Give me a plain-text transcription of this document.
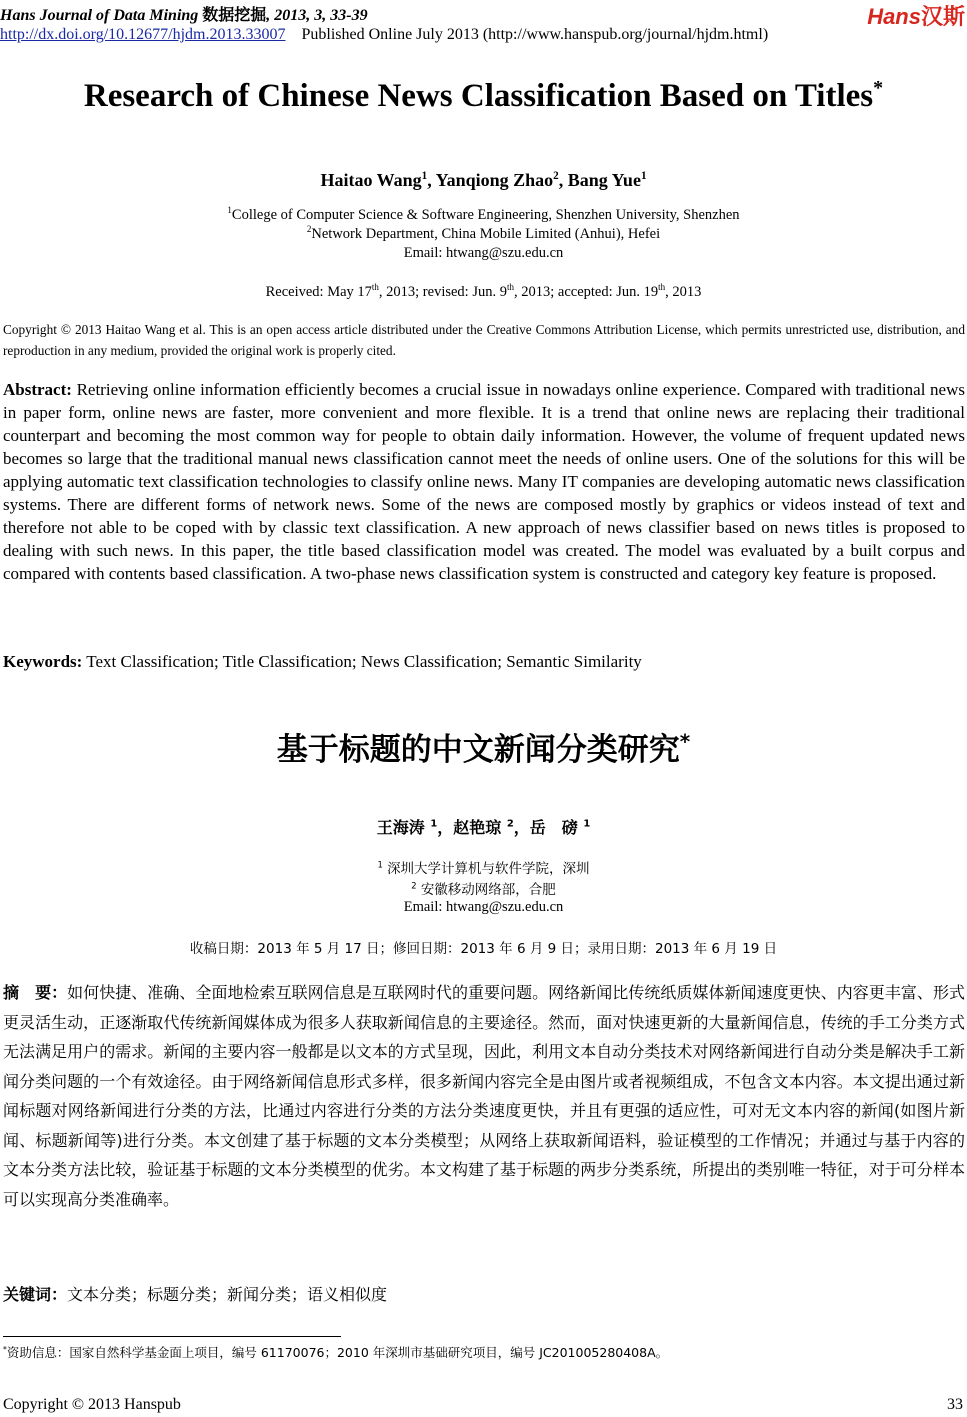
Hans Journal of Data Mining 数据挖掘, 2013, 3, 33-39	Hans汉斯
http://dx.doi.org/10.12677/hjdm.2013.33007 Published Online July 2013 (http://www.hanspub.org/journal/hjdm.html)
Research of Chinese News Classification Based on Titles*
Haitao Wang$^1$, Yanqiong Zhao$^2$, Bang Yue$^1$
$^1$College of Computer Science & Software Engineering, Shenzhen University, Shenzhen
$^2$Network Department, China Mobile Limited (Anhui), Hefei
Email: htwang@szu.edu.cn
Received: May 17th, 2013; revised: Jun. 9th, 2013; accepted: Jun. 19th, 2013
Copyright © 2013 Haitao Wang et al. This is an open access article distributed under the Creative Commons Attribution License, which permits unrestricted use, distribution, and reproduction in any medium, provided the original work is properly cited.
Abstract: Retrieving online information efficiently becomes a crucial issue in nowadays online experience. Compared with traditional news in paper form, online news are faster, more convenient and more flexible. It is a trend that online news are replacing their traditional counterpart and becoming the most common way for people to obtain daily information. However, the volume of frequent updated news becomes so large that the traditional manual news classification cannot meet the needs of online users. One of the solutions for this will be applying automatic text classification technologies to classify online news. Many IT companies are developing automatic news classification systems. There are different forms of network news. Some of the news are composed mostly by graphics or videos instead of text and therefore not able to be coped with by classic text classification. A new approach of news classifier based on news titles is proposed to dealing with such news. In this paper, the title based classification model was created. The model was evaluated by a built corpus and compared with contents based classification. A two-phase news classification system is constructed and category key feature is proposed.
Keywords: Text Classification; Title Classification; News Classification; Semantic Similarity
基于标题的中文新闻分类研究*
王海涛 $^1$，赵艳琼 $^2$，岳　磅 $^1$
$^1$ 深圳大学计算机与软件学院，深圳
$^2$ 安徽移动网络部，合肥
Email: htwang@szu.edu.cn
收稿日期：2013 年 5 月 17 日；修回日期：2013 年 6 月 9 日；录用日期：2013 年 6 月 19 日
摘　要：如何快捷、准确、全面地检索互联网信息是互联网时代的重要问题。网络新闻比传统纸质媒体新闻速度更快、内容更丰富、形式更灵活生动，正逐渐取代传统新闻媒体成为很多人获取新闻信息的主要途径。然而，面对快速更新的大量新闻信息，传统的手工分类方式无法满足用户的需求。新闻的主要内容一般都是以文本的方式呈现，因此，利用文本自动分类技术对网络新闻进行自动分类是解决手工新闻分类问题的一个有效途径。由于网络新闻信息形式多样，很多新闻内容完全是由图片或者视频组成，不包含文本内容。本文提出通过新闻标题对网络新闻进行分类的方法，比通过内容进行分类的方法分类速度更快，并且有更强的适应性，可对无文本内容的新闻(如图片新闻、标题新闻等)进行分类。本文创建了基于标题的文本分类模型；从网络上获取新闻语料，验证模型的工作情况；并通过与基于内容的文本分类方法比较，验证基于标题的文本分类模型的优劣。本文构建了基于标题的两步分类系统，所提出的类别唯一特征，对于可分样本可以实现高分类准确率。
关键词：文本分类；标题分类；新闻分类；语义相似度
*资助信息：国家自然科学基金面上项目，编号 61170076；2010 年深圳市基础研究项目，编号 JC201005280408A。
Copyright © 2013 Hanspub	33
